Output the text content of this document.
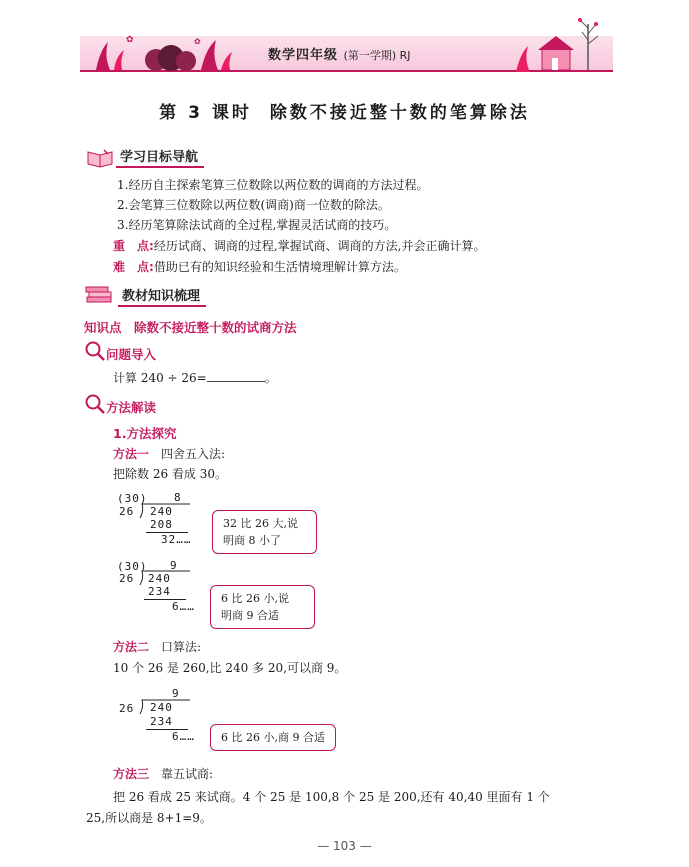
✿	✿
数学四年级 (第一学期) RJ
第 3 课时 除数不接近整十数的笔算除法
学习目标导航
1.经历自主探索笔算三位数除以两位数的调商的方法过程。
2.会笔算三位数除以两位数(调商)商一位数的除法。
3.经历笔算除法试商的全过程,掌握灵活试商的技巧。
重　点:经历试商、调商的过程,掌握试商、调商的方法,并会正确计算。
难　点:借助已有的知识经验和生活情境理解计算方法。
教材知识梳理
知识点　除数不接近整十数的试商方法
问题导入
计算 240 ÷ 26=	。
方法解读
1.方法探究
方法一　 四舍五入法:
把除数 26 看成 30。
(30) 8
26 240
208
32……
32 比 26 大,说
明商 8 小了
(30) 9
26 240
234
6……
6 比 26 小,说
明商 9 合适
方法二　 口算法:
10 个 26 是 260,比 240 多 20,可以商 9。
9
26 240
234
6…… 6 比 26 小,商 9 合适
方法三　 靠五试商:
把 26 看成 25 来试商。4 个 25 是 100,8 个 25 是 200,还有 40,40 里面有 1 个
25,所以商是 8+1=9。
— 103 —
